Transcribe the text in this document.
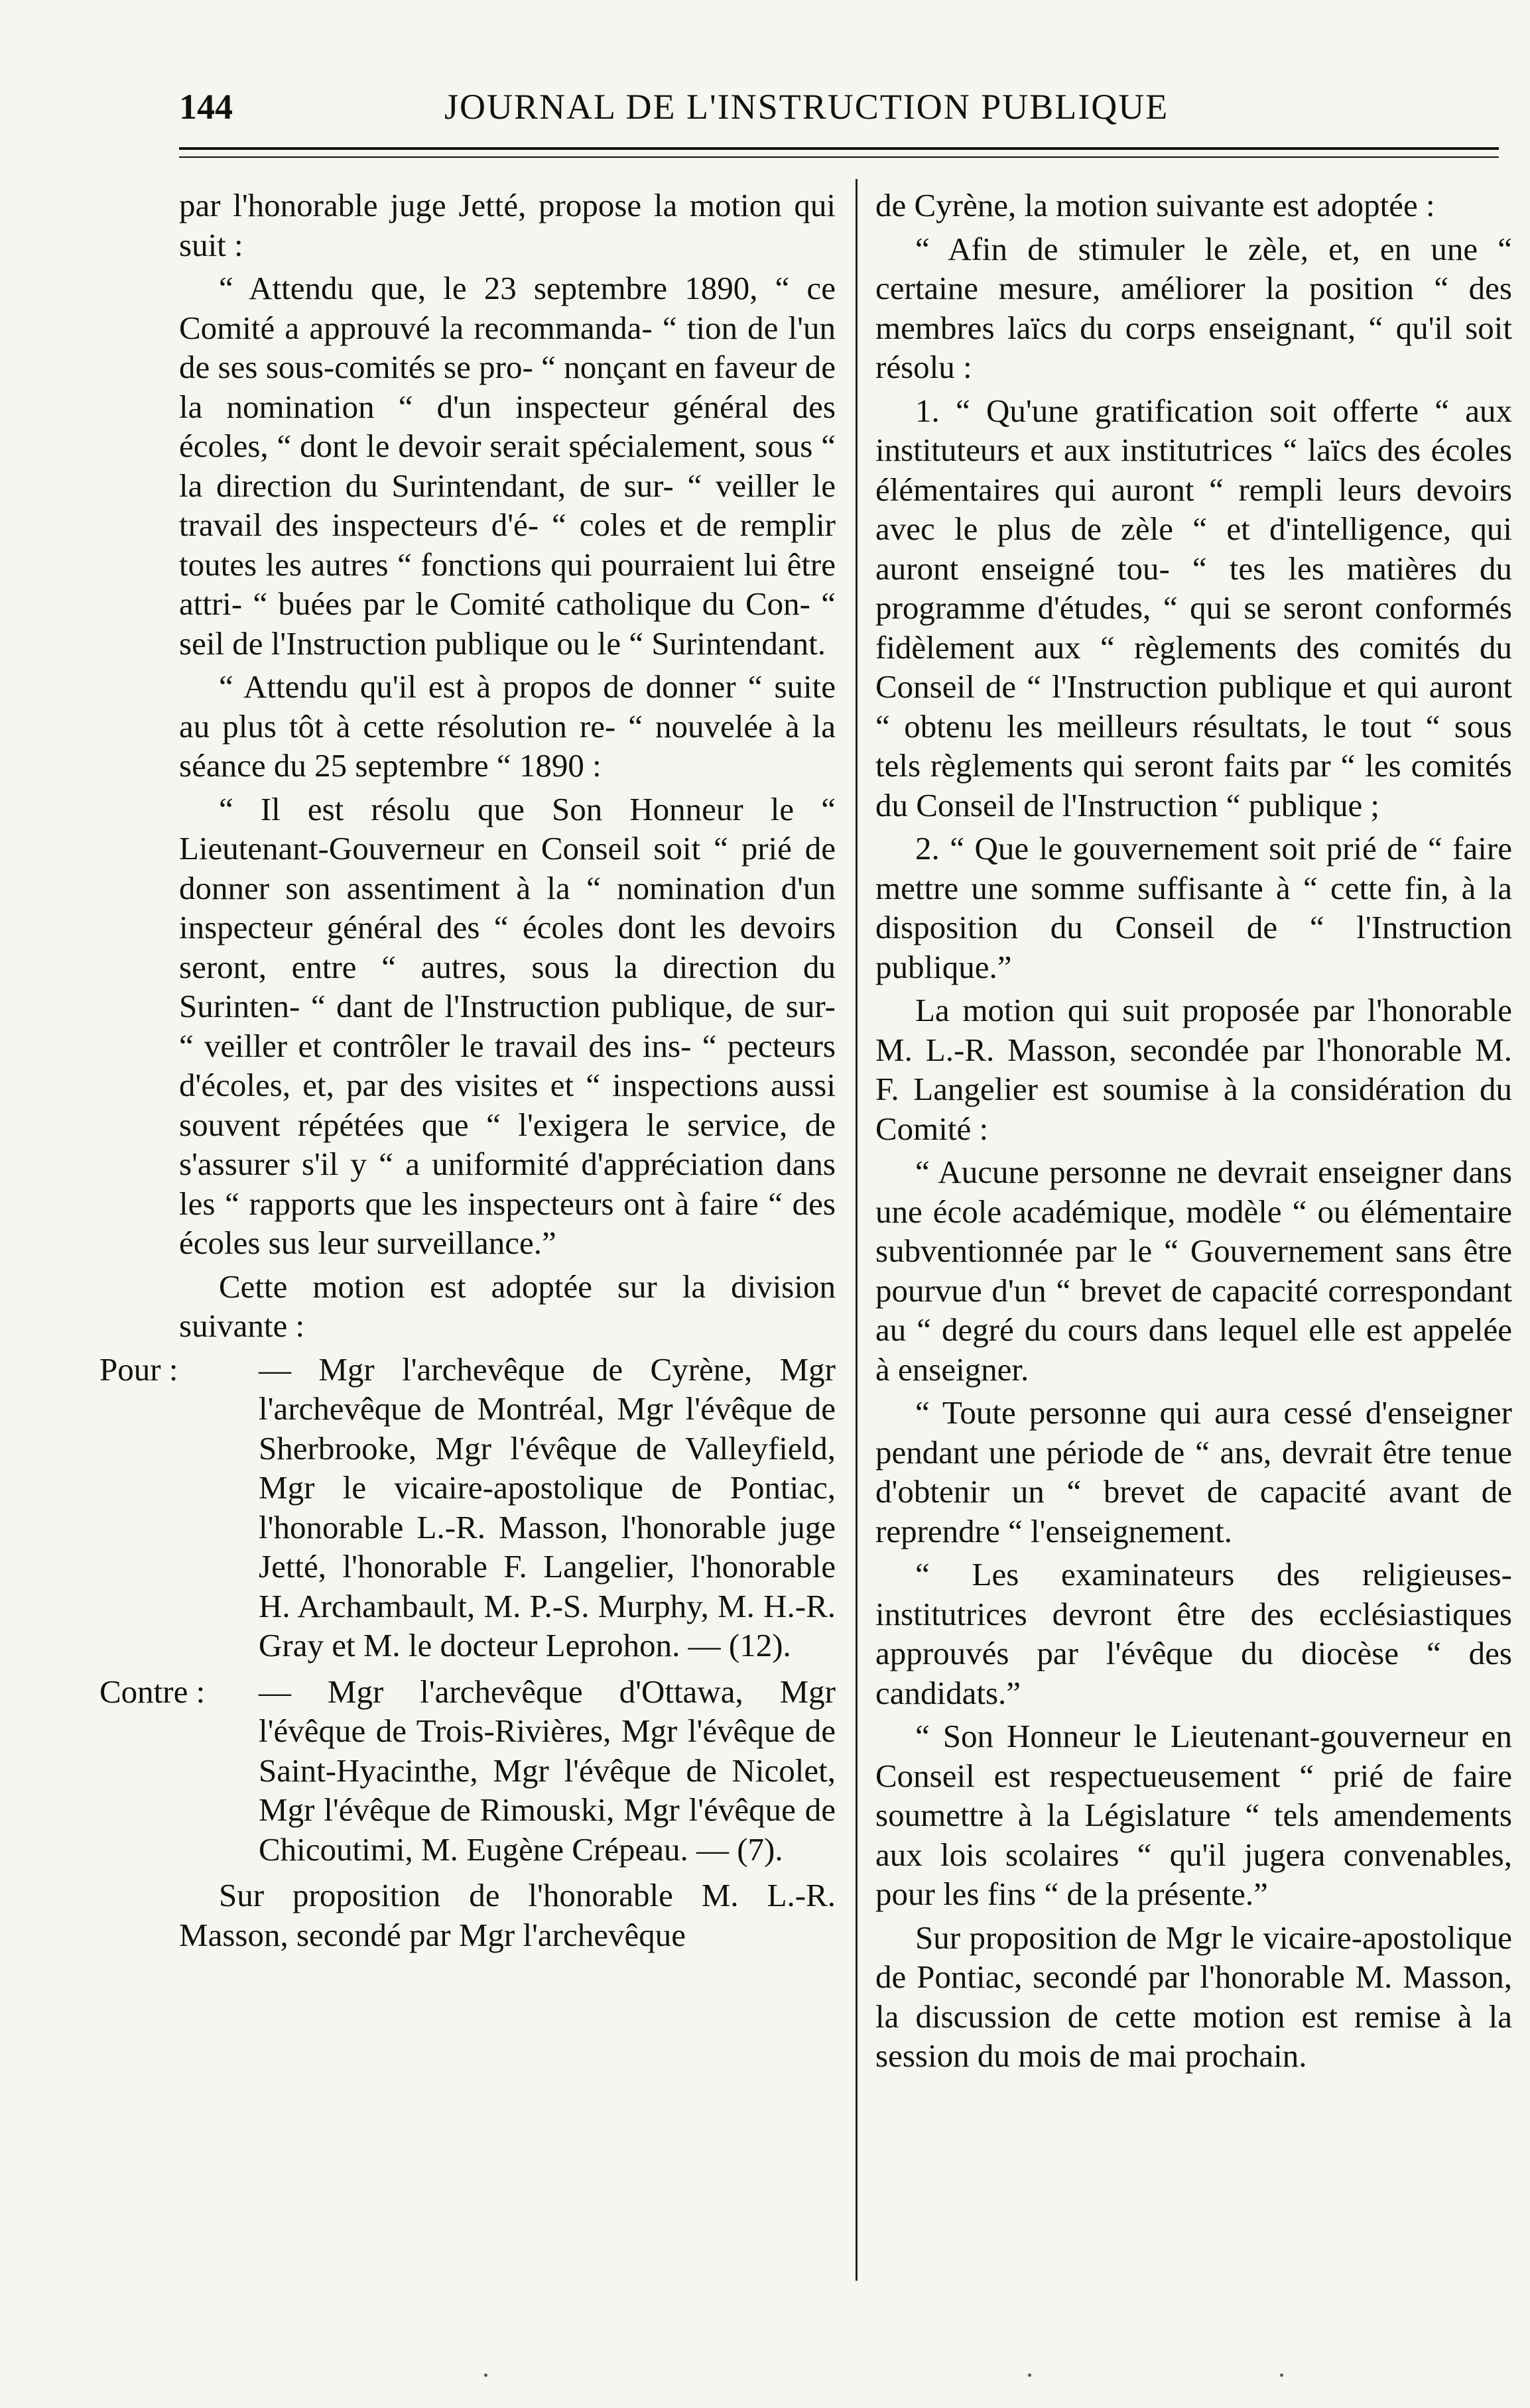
144	JOURNAL DE L'INSTRUCTION PUBLIQUE

par l'honorable juge Jetté, propose la motion qui suit :

“ Attendu que, le 23 septembre 1890, “ ce Comité a approuvé la recommanda- “ tion de l'un de ses sous-comités se pro- “ nonçant en faveur de la nomination “ d'un inspecteur général des écoles, “ dont le devoir serait spécialement, sous “ la direction du Surintendant, de sur- “ veiller le travail des inspecteurs d'é- “ coles et de remplir toutes les autres “ fonctions qui pourraient lui être attri- “ buées par le Comité catholique du Con- “ seil de l'Instruction publique ou le “ Surintendant.

“ Attendu qu'il est à propos de donner “ suite au plus tôt à cette résolution re- “ nouvelée à la séance du 25 septembre “ 1890 :

“ Il est résolu que Son Honneur le “ Lieutenant-Gouverneur en Conseil soit “ prié de donner son assentiment à la “ nomination d'un inspecteur général des “ écoles dont les devoirs seront, entre “ autres, sous la direction du Surinten- “ dant de l'Instruction publique, de sur- “ veiller et contrôler le travail des ins- “ pecteurs d'écoles, et, par des visites et “ inspections aussi souvent répétées que “ l'exigera le service, de s'assurer s'il y “ a uniformité d'appréciation dans les “ rapports que les inspecteurs ont à faire “ des écoles sus leur surveillance.”

Cette motion est adoptée sur la division suivante :

Pour : — Mgr l'archevêque de Cyrène, Mgr l'archevêque de Montréal, Mgr l'évêque de Sherbrooke, Mgr l'évêque de Valleyfield, Mgr le vicaire-apostolique de Pontiac, l'honorable L.-R. Masson, l'honorable juge Jetté, l'honorable F. Langelier, l'honorable H. Archambault, M. P.-S. Murphy, M. H.-R. Gray et M. le docteur Leprohon. — (12).

Contre : — Mgr l'archevêque d'Ottawa, Mgr l'évêque de Trois-Rivières, Mgr l'évêque de Saint-Hyacinthe, Mgr l'évêque de Nicolet, Mgr l'évêque de Rimouski, Mgr l'évêque de Chicoutimi, M. Eugène Crépeau. — (7).

Sur proposition de l'honorable M. L.-R. Masson, secondé par Mgr l'archevêque

de Cyrène, la motion suivante est adoptée :

“ Afin de stimuler le zèle, et, en une “ certaine mesure, améliorer la position “ des membres laïcs du corps enseignant, “ qu'il soit résolu :

1. “ Qu'une gratification soit offerte “ aux instituteurs et aux institutrices “ laïcs des écoles élémentaires qui auront “ rempli leurs devoirs avec le plus de zèle “ et d'intelligence, qui auront enseigné tou- “ tes les matières du programme d'études, “ qui se seront conformés fidèlement aux “ règlements des comités du Conseil de “ l'Instruction publique et qui auront “ obtenu les meilleurs résultats, le tout “ sous tels règlements qui seront faits par “ les comités du Conseil de l'Instruction “ publique ;

2. “ Que le gouvernement soit prié de “ faire mettre une somme suffisante à “ cette fin, à la disposition du Conseil de “ l'Instruction publique.”

La motion qui suit proposée par l'honorable M. L.-R. Masson, secondée par l'honorable M. F. Langelier est soumise à la considération du Comité :

“ Aucune personne ne devrait enseigner dans une école académique, modèle “ ou élémentaire subventionnée par le “ Gouvernement sans être pourvue d'un “ brevet de capacité correspondant au “ degré du cours dans lequel elle est appelée à enseigner.

“ Toute personne qui aura cessé d'enseigner pendant une période de “ ans, devrait être tenue d'obtenir un “ brevet de capacité avant de reprendre “ l'enseignement.

“ Les examinateurs des religieuses-institutrices devront être des ecclésiastiques approuvés par l'évêque du diocèse “ des candidats.”

“ Son Honneur le Lieutenant-gouverneur en Conseil est respectueusement “ prié de faire soumettre à la Législature “ tels amendements aux lois scolaires “ qu'il jugera convenables, pour les fins “ de la présente.”

Sur proposition de Mgr le vicaire-apostolique de Pontiac, secondé par l'honorable M. Masson, la discussion de cette motion est remise à la session du mois de mai prochain.
